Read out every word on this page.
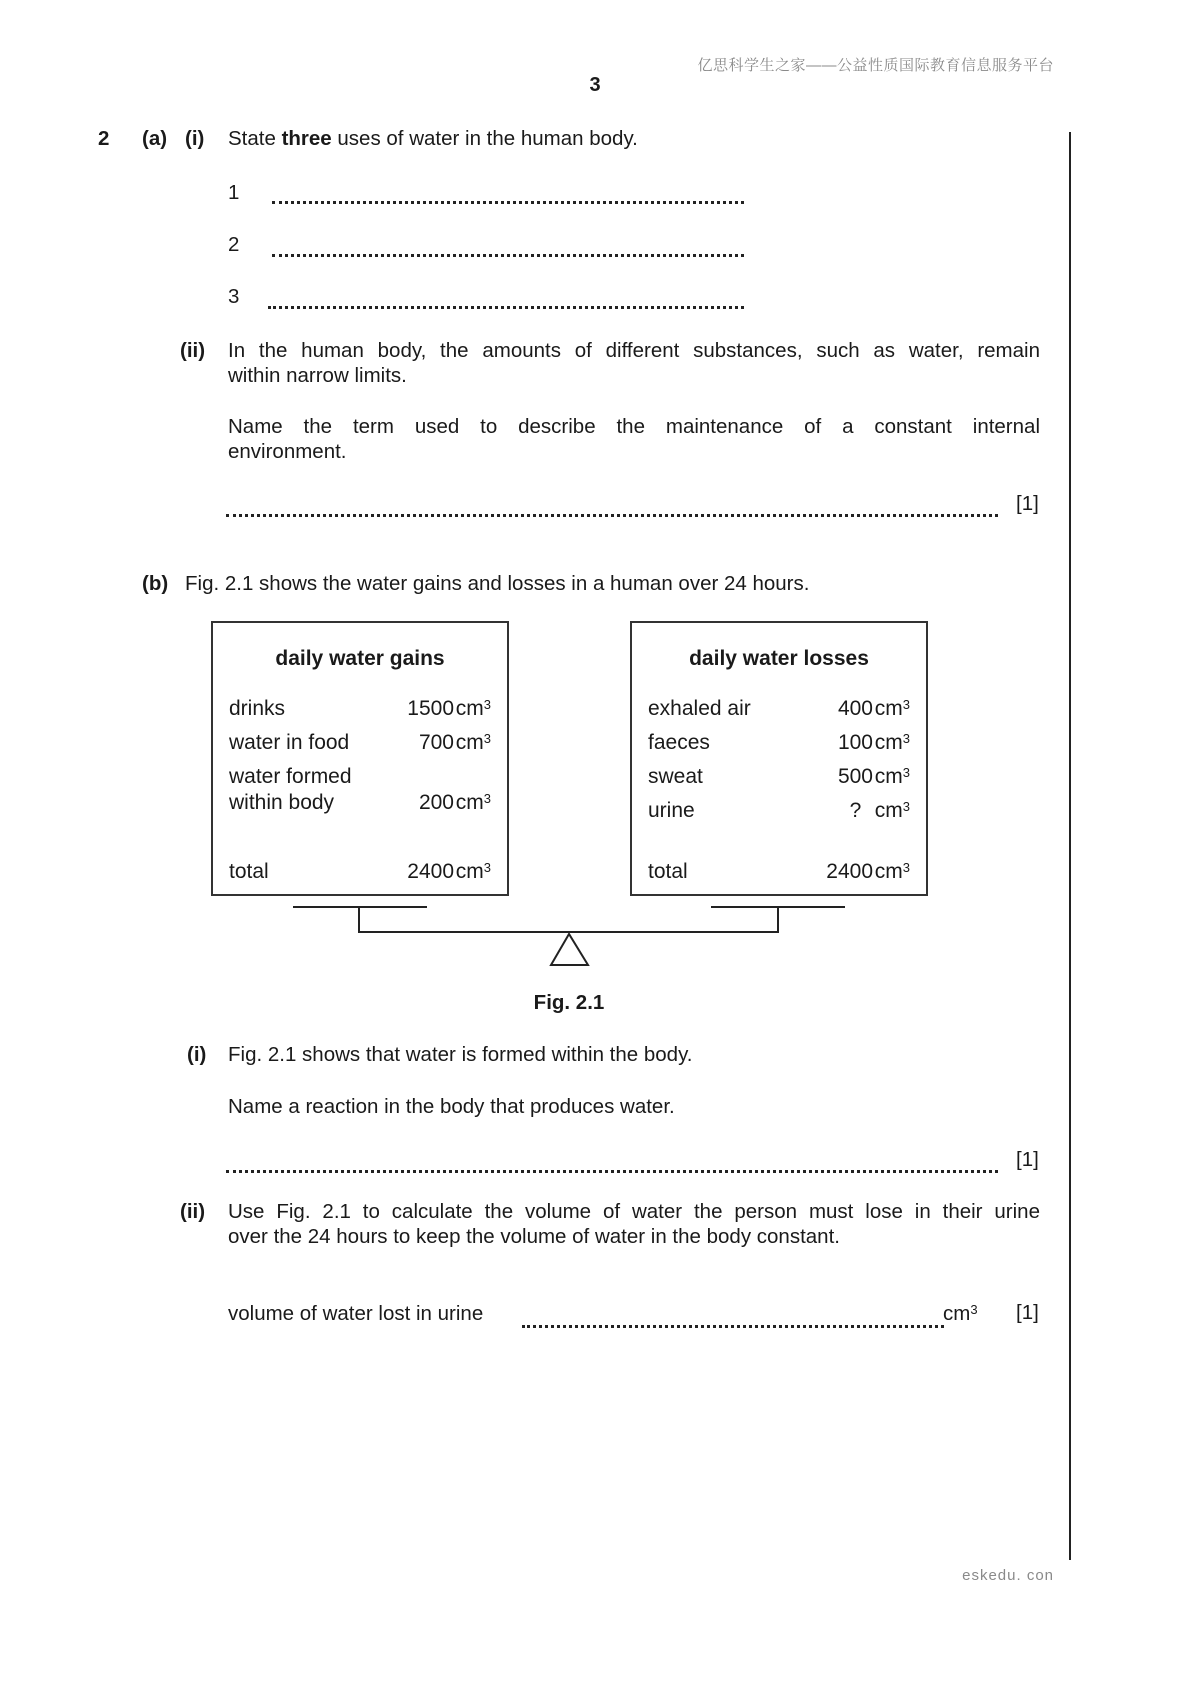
亿思科学生之家——公益性质国际教育信息服务平台
3
2 (a) (i) State three uses of water in the human body.
1
2
3
(ii) In the human body, the amounts of different substances, such as water, remain
within narrow limits.
Name the term used to describe the maintenance of a constant internal
environment.
[1]
(b) Fig. 2.1 shows the water gains and losses in a human over 24 hours.
daily water gains
drinks	1500 $cm^3$
water in food	700 $cm^3$
water formed
within body	200 $cm^3$
total	2400 $cm^3$
daily water losses
exhaled air	400 $cm^3$
faeces	100 $cm^3$
sweat	500 $cm^3$
urine	?    $cm^3$
total	2400 $cm^3$
Fig. 2.1
(i) Fig. 2.1 shows that water is formed within the body.
Name a reaction in the body that produces water.
[1]
(ii) Use Fig. 2.1 to calculate the volume of water the person must lose in their urine
over the 24 hours to keep the volume of water in the body constant.
volume of water lost in urine	$cm^3$ [1]
eskedu. con
